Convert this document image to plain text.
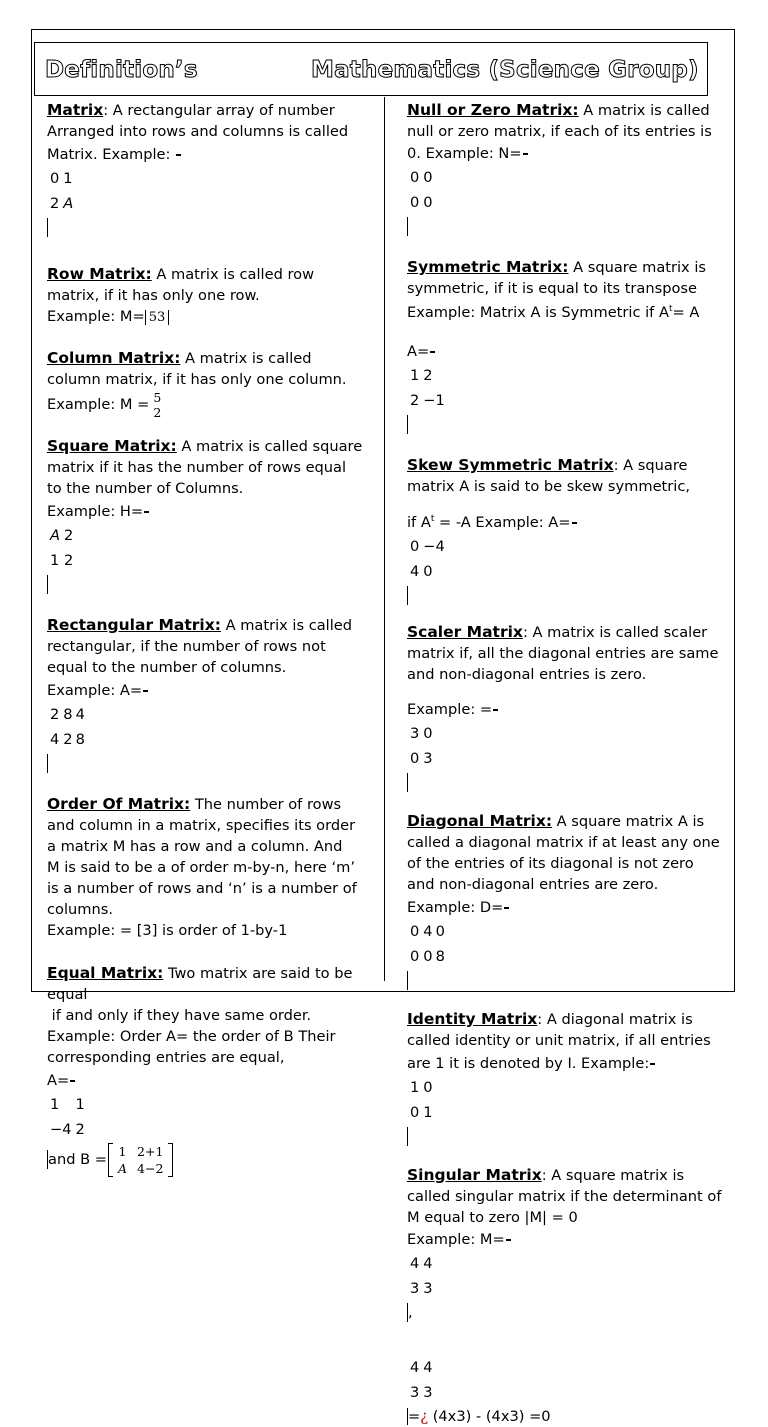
Definition’s	Mathematics (Science Group)

Matrix: A rectangular array of number

Arranged into rows and columns is called

Matrix. Example:

0	1
2	A

Row Matrix: A matrix is called row

matrix, if it has only one row.

Example: M= 53

Column Matrix: A matrix is called

column matrix, if it has only one column.

Example: M = 5
2

Square Matrix: A matrix is called square

matrix if it has the number of rows equal

to the number of Columns.

Example: H=

A	2
1	2

Rectangular Matrix: A matrix is called

rectangular, if the number of rows not

equal to the number of columns.

Example: A=

2	8	4
4	2	8

Order Of Matrix: The number of rows

and column in a matrix, specifies its order

a matrix M has a row and a column. And

M is said to be a of order m-by-n, here ‘m’

is a number of rows and ‘n’ is a number of

columns.

Example: = [3] is order of 1-by-1

Equal Matrix: Two matrix are said to be

equal

if and only if they have same order.

Example: Order A= the order of B Their

corresponding entries are equal,

A=

1	1
−4	2
and B = 1	2+1
A	4−2

Null or Zero Matrix: A matrix is called

null or zero matrix, if each of its entries is

0. Example: N=

0	0
0	0

Symmetric Matrix: A square matrix is

symmetric, if it is equal to its transpose

Example: Matrix A is Symmetric if $A^t= A$

A=

1	2
2	−1

Skew Symmetric Matrix: A square

matrix A is said to be skew symmetric,

if $A^t = -A$ Example: A=

0	−4
4	0

Scaler Matrix: A matrix is called scaler

matrix if, all the diagonal entries are same

and non-diagonal entries is zero.

Example: =

3	0
0	3

Diagonal Matrix: A square matrix A is

called a diagonal matrix if at least any one

of the entries of its diagonal is not zero

and non-diagonal entries are zero.

Example: D=

0	4	0
0	0	8

Identity Matrix: A diagonal matrix is

called identity or unit matrix, if all entries

are 1 it is denoted by I. Example:

1	0
0	1

Singular Matrix: A square matrix is

called singular matrix if the determinant of

M equal to zero |M| = 0

Example: M=

4	4
3	3
,

4	4
3	3
=¿ (4x3) - (4x3) =0
